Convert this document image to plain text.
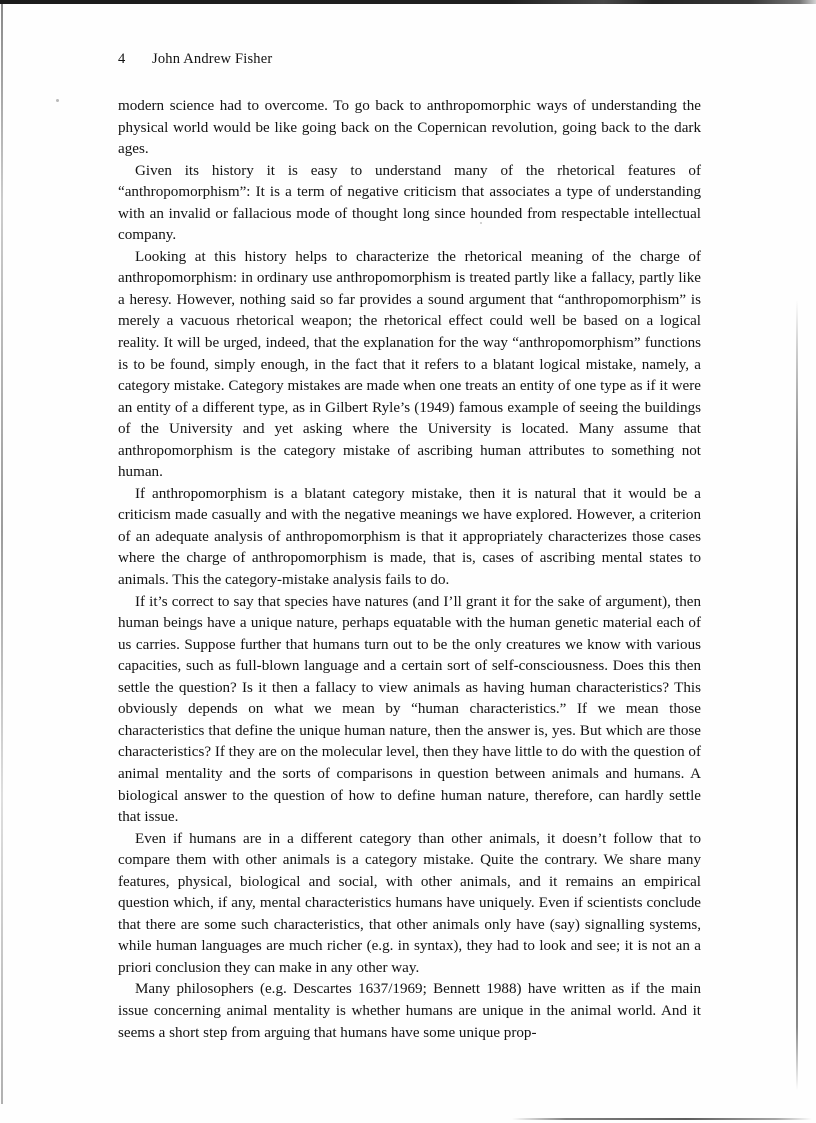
4 John Andrew Fisher

modern science had to overcome. To go back to anthropomorphic ways of understanding the physical world would be like going back on the Copernican revolution, going back to the dark ages.

Given its history it is easy to understand many of the rhetorical features of “anthropomorphism”: It is a term of negative criticism that associates a type of understanding with an invalid or fallacious mode of thought long since hounded from respectable intellectual company.

Looking at this history helps to characterize the rhetorical meaning of the charge of anthropomorphism: in ordinary use anthropomorphism is treated partly like a fallacy, partly like a heresy. However, nothing said so far provides a sound argument that “anthropomorphism” is merely a vacuous rhetorical weapon; the rhetorical effect could well be based on a logical reality. It will be urged, indeed, that the explanation for the way “anthropomorphism” functions is to be found, simply enough, in the fact that it refers to a blatant logical mistake, namely, a category mistake. Category mistakes are made when one treats an entity of one type as if it were an entity of a different type, as in Gilbert Ryle’s (1949) famous example of seeing the buildings of the University and yet asking where the University is located. Many assume that anthropomorphism is the category mistake of ascribing human attributes to something not human.

If anthropomorphism is a blatant category mistake, then it is natural that it would be a criticism made casually and with the negative meanings we have explored. However, a criterion of an adequate analysis of anthropomorphism is that it appropriately characterizes those cases where the charge of anthropomorphism is made, that is, cases of ascribing mental states to animals. This the category-mistake analysis fails to do.

If it’s correct to say that species have natures (and I’ll grant it for the sake of argument), then human beings have a unique nature, perhaps equatable with the human genetic material each of us carries. Suppose further that humans turn out to be the only creatures we know with various capacities, such as full-blown language and a certain sort of self-consciousness. Does this then settle the question? Is it then a fallacy to view animals as having human characteristics? This obviously depends on what we mean by “human characteristics.” If we mean those characteristics that define the unique human nature, then the answer is, yes. But which are those characteristics? If they are on the molecular level, then they have little to do with the question of animal mentality and the sorts of comparisons in question between animals and humans. A biological answer to the question of how to define human nature, therefore, can hardly settle that issue.

Even if humans are in a different category than other animals, it doesn’t follow that to compare them with other animals is a category mistake. Quite the contrary. We share many features, physical, biological and social, with other animals, and it remains an empirical question which, if any, mental characteristics humans have uniquely. Even if scientists conclude that there are some such characteristics, that other animals only have (say) signalling systems, while human languages are much richer (e.g. in syntax), they had to look and see; it is not an a priori conclusion they can make in any other way.

Many philosophers (e.g. Descartes 1637/1969; Bennett 1988) have written as if the main issue concerning animal mentality is whether humans are unique in the animal world. And it seems a short step from arguing that humans have some unique prop-
